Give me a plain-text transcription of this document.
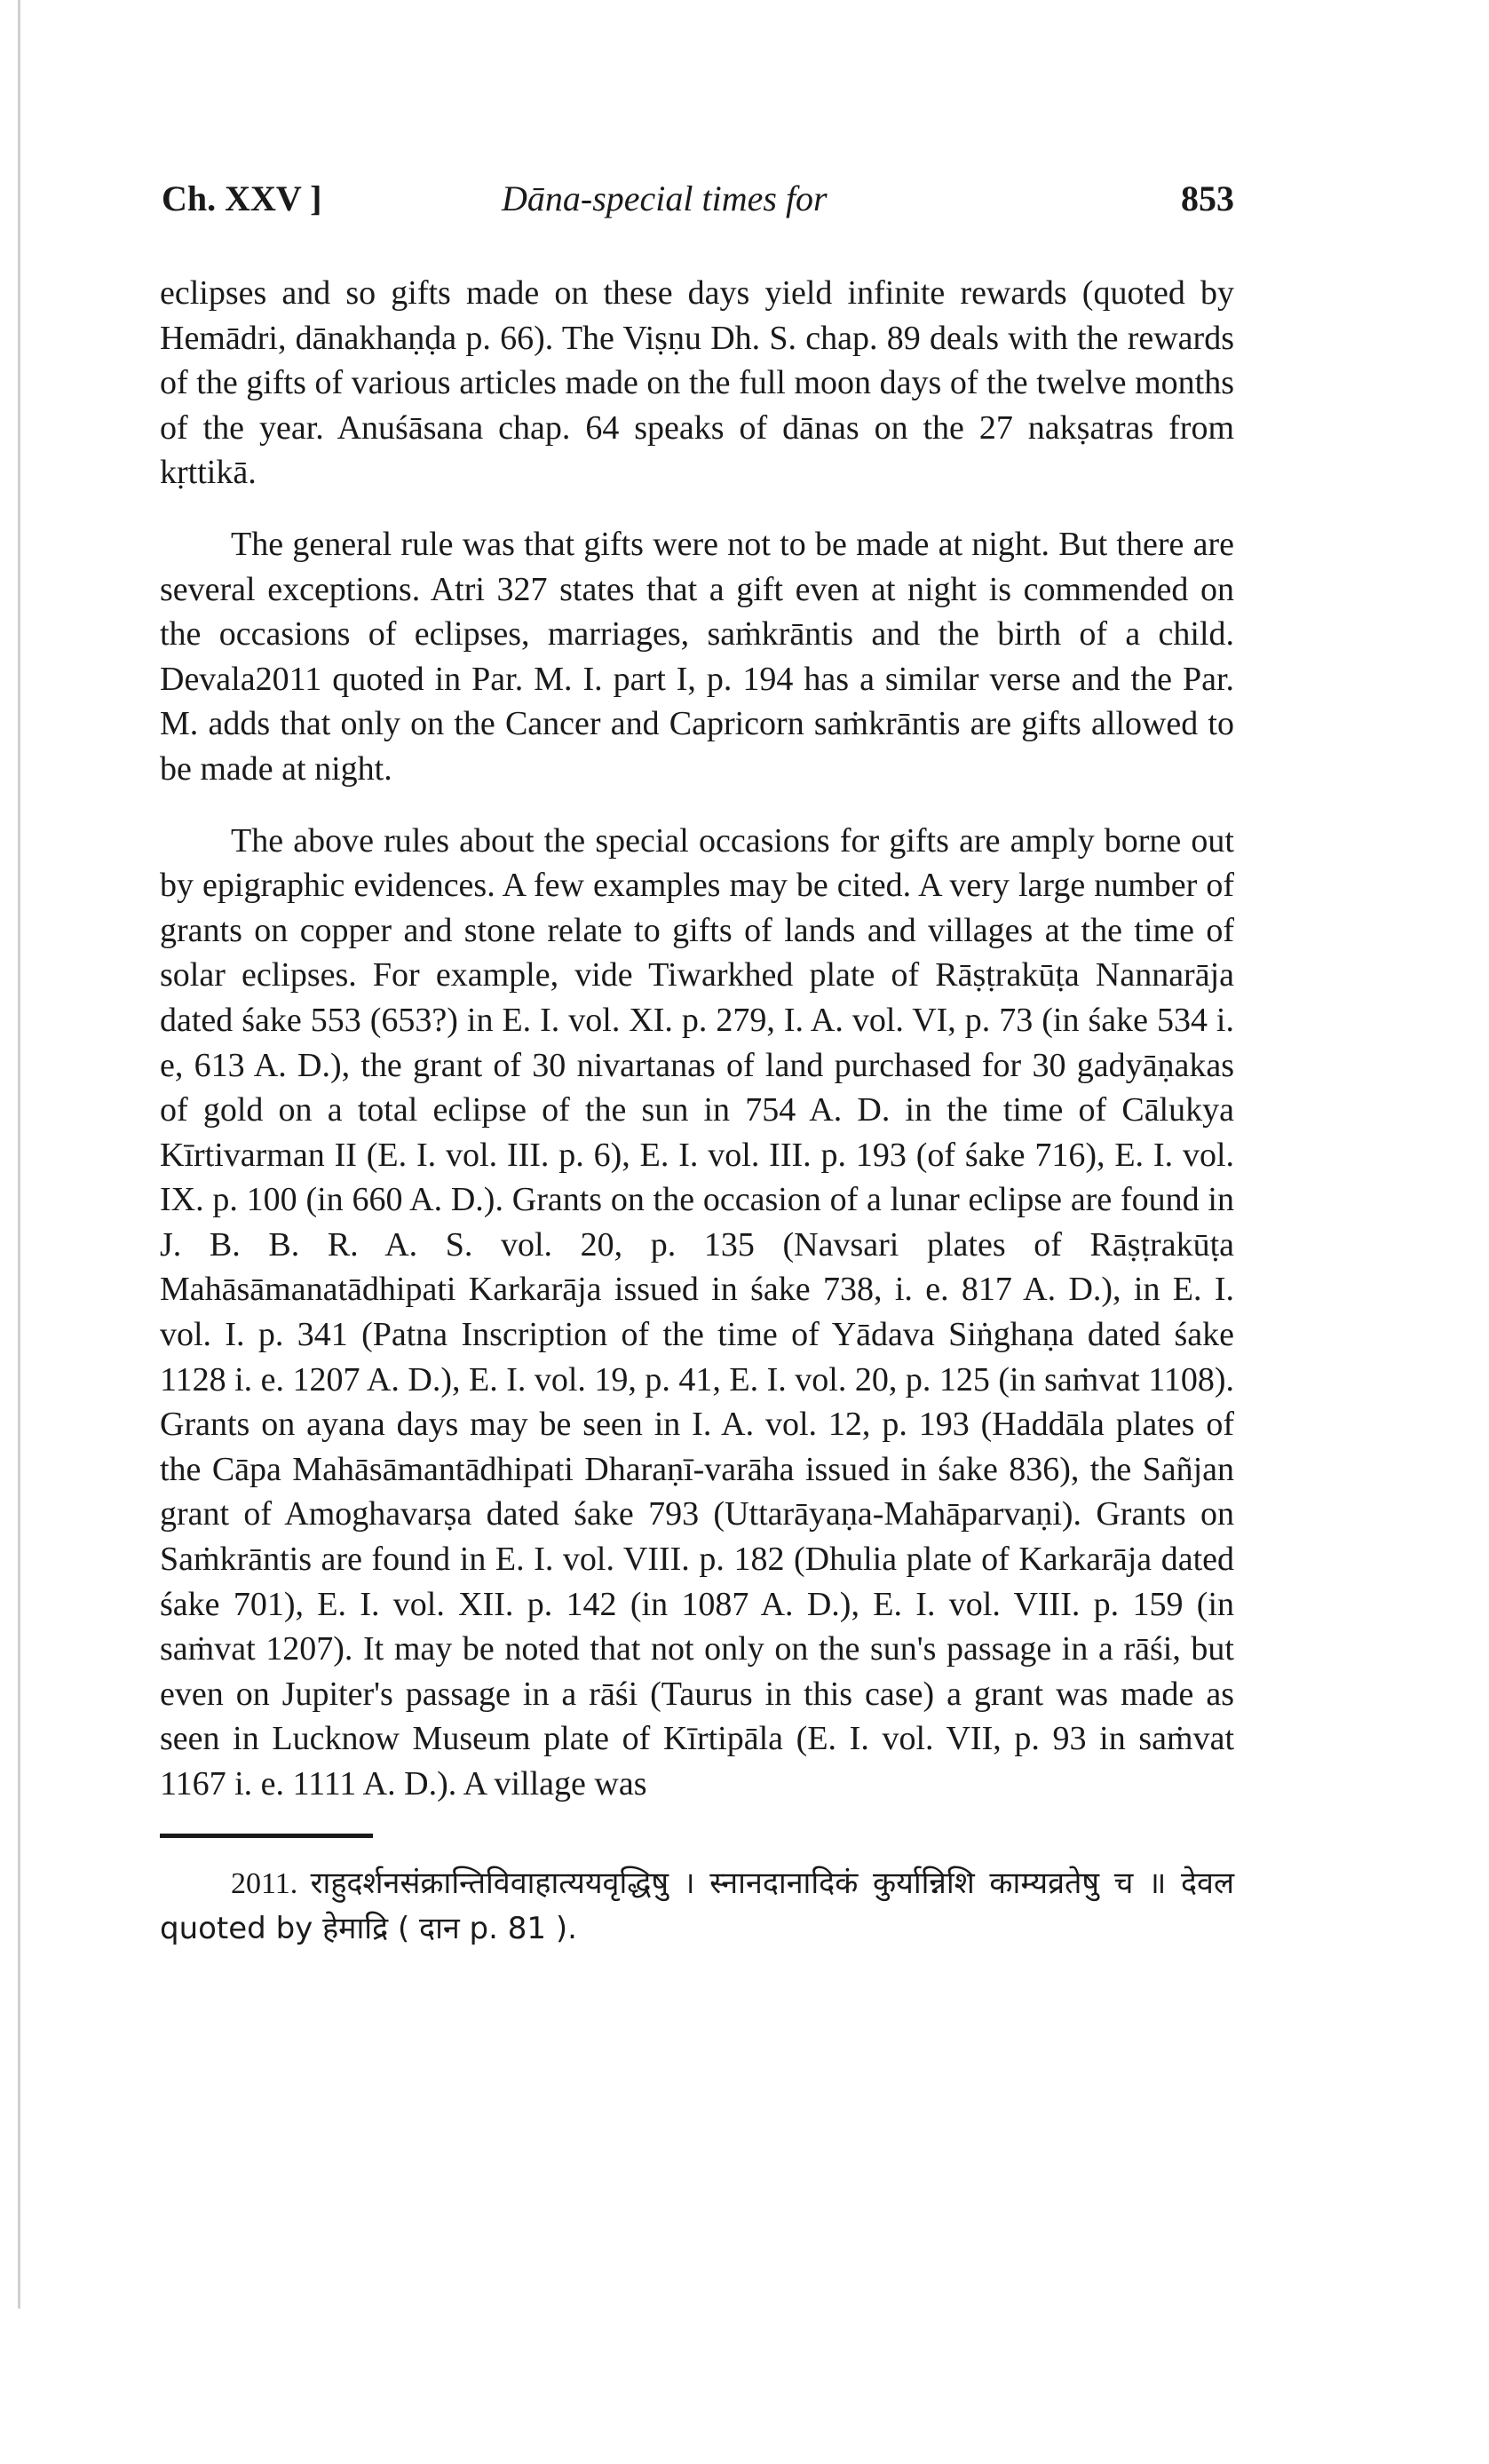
Ch. XXV ]	Dāna-special times for	853

eclipses and so gifts made on these days yield infinite rewards (quoted by Hemādri, dānakhaṇḍa p. 66). The Viṣṇu Dh. S. chap. 89 deals with the rewards of the gifts of various articles made on the full moon days of the twelve months of the year. Anuśāsana chap. 64 speaks of dānas on the 27 nakṣatras from kṛttikā.

The general rule was that gifts were not to be made at night. But there are several exceptions. Atri 327 states that a gift even at night is commended on the occasions of eclipses, marriages, saṁkrāntis and the birth of a child. Devala2011 quoted in Par. M. I. part I, p. 194 has a similar verse and the Par. M. adds that only on the Cancer and Capricorn saṁkrāntis are gifts allowed to be made at night.

The above rules about the special occasions for gifts are amply borne out by epigraphic evidences. A few examples may be cited. A very large number of grants on copper and stone relate to gifts of lands and villages at the time of solar eclipses. For example, vide Tiwarkhed plate of Rāṣṭrakūṭa Nannarāja dated śake 553 (653?) in E. I. vol. XI. p. 279, I. A. vol. VI, p. 73 (in śake 534 i. e, 613 A. D.), the grant of 30 nivartanas of land purchased for 30 gadyāṇakas of gold on a total eclipse of the sun in 754 A. D. in the time of Cālukya Kīrtivarman II (E. I. vol. III. p. 6), E. I. vol. III. p. 193 (of śake 716), E. I. vol. IX. p. 100 (in 660 A. D.). Grants on the occasion of a lunar eclipse are found in J. B. B. R. A. S. vol. 20, p. 135 (Navsari plates of Rāṣṭrakūṭa Mahāsāmanatādhipati Karkarāja issued in śake 738, i. e. 817 A. D.), in E. I. vol. I. p. 341 (Patna Inscription of the time of Yādava Siṅghaṇa dated śake 1128 i. e. 1207 A. D.), E. I. vol. 19, p. 41, E. I. vol. 20, p. 125 (in saṁvat 1108). Grants on ayana days may be seen in I. A. vol. 12, p. 193 (Haddāla plates of the Cāpa Mahāsāmantādhipati Dharaṇī-varāha issued in śake 836), the Sañjan grant of Amoghavarṣa dated śake 793 (Uttarāyaṇa-Mahāparvaṇi). Grants on Saṁkrāntis are found in E. I. vol. VIII. p. 182 (Dhulia plate of Karkarāja dated śake 701), E. I. vol. XII. p. 142 (in 1087 A. D.), E. I. vol. VIII. p. 159 (in saṁvat 1207). It may be noted that not only on the sun's passage in a rāśi, but even on Jupiter's passage in a rāśi (Taurus in this case) a grant was made as seen in Lucknow Museum plate of Kīrtipāla (E. I. vol. VII, p. 93 in saṁvat 1167 i. e. 1111 A. D.). A village was

2011. राहुदर्शनसंक्रान्तिविवाहात्ययवृद्धिषु । स्नानदानादिकं कुर्यान्निशि काम्यव्रतेषु च ॥ देवल quoted by हेमाद्रि ( दान p. 81 ).
